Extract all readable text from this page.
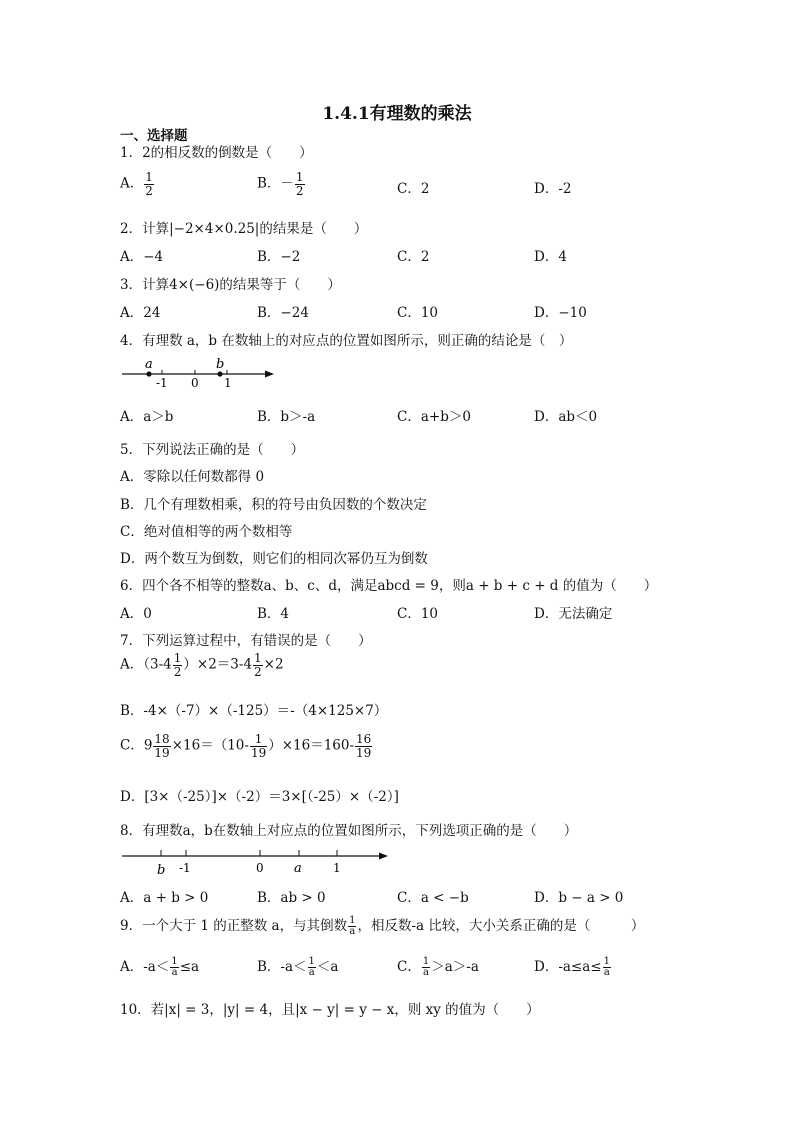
1.4.1有理数的乘法
一、选择题
1．2的相反数的倒数是（　　）
A． $\frac{1}{2}$	B．－ $\frac{1}{2}$	C．2	D．-2
2．计算|−2×4×0.25|的结果是（　　）
A．−4	B．−2	C．2	D．4
3．计算4×(−6)的结果等于（　　）
A．24	B．−24	C．10	D．−10
4．有理数 a，b 在数轴上的对应点的位置如图所示，则正确的结论是（　）
a	b
-1 0 1
A．a＞b	B．b＞-a	C．a+b＞0	D．ab＜0
5．下列说法正确的是（　　）
A．零除以任何数都得 0
B．几个有理数相乘，积的符号由负因数的个数决定
C．绝对值相等的两个数相等
D．两个数互为倒数，则它们的相同次幂仍互为倒数
6．四个各不相等的整数a、b、c、d，满足abcd = 9，则a + b + c + d 的值为（　　）
A．0	B．4	C．10	D．无法确定
7．下列运算过程中，有错误的是（　　）
A．$(3-4 \frac{1}{2} )\times 2=3-4 \frac{1}{2} \times 2$
B．-4×（-7）×（-125）＝-（4×125×7）
C．$9 \frac{18}{19} \times 16=(10- \frac{1}{19} )\times 16=160- \frac{16}{19}$
D．[3×（-25）]×（-2）＝3×[（-25）×（-2）]
8．有理数a，b在数轴上对应点的位置如图所示，下列选项正确的是（　　）
b -1	0 a	1
A．a + b > 0	B．ab > 0	C．a < −b	D．b − a > 0
9．一个大于 1 的正整数 a，与其倒数 $\frac{1}{a}$ ，相反数-a 比较，大小关系正确的是（　　　）
A．$-a< \frac{1}{a} \le a$	B．$-a< \frac{1}{a} <a$	C． $\frac{1}{a} >a>-a$	D．$-a\le a\le \frac{1}{a}$
10．若|x| = 3，|y| = 4，且|x − y| = y − x，则 xy 的值为（　　）
